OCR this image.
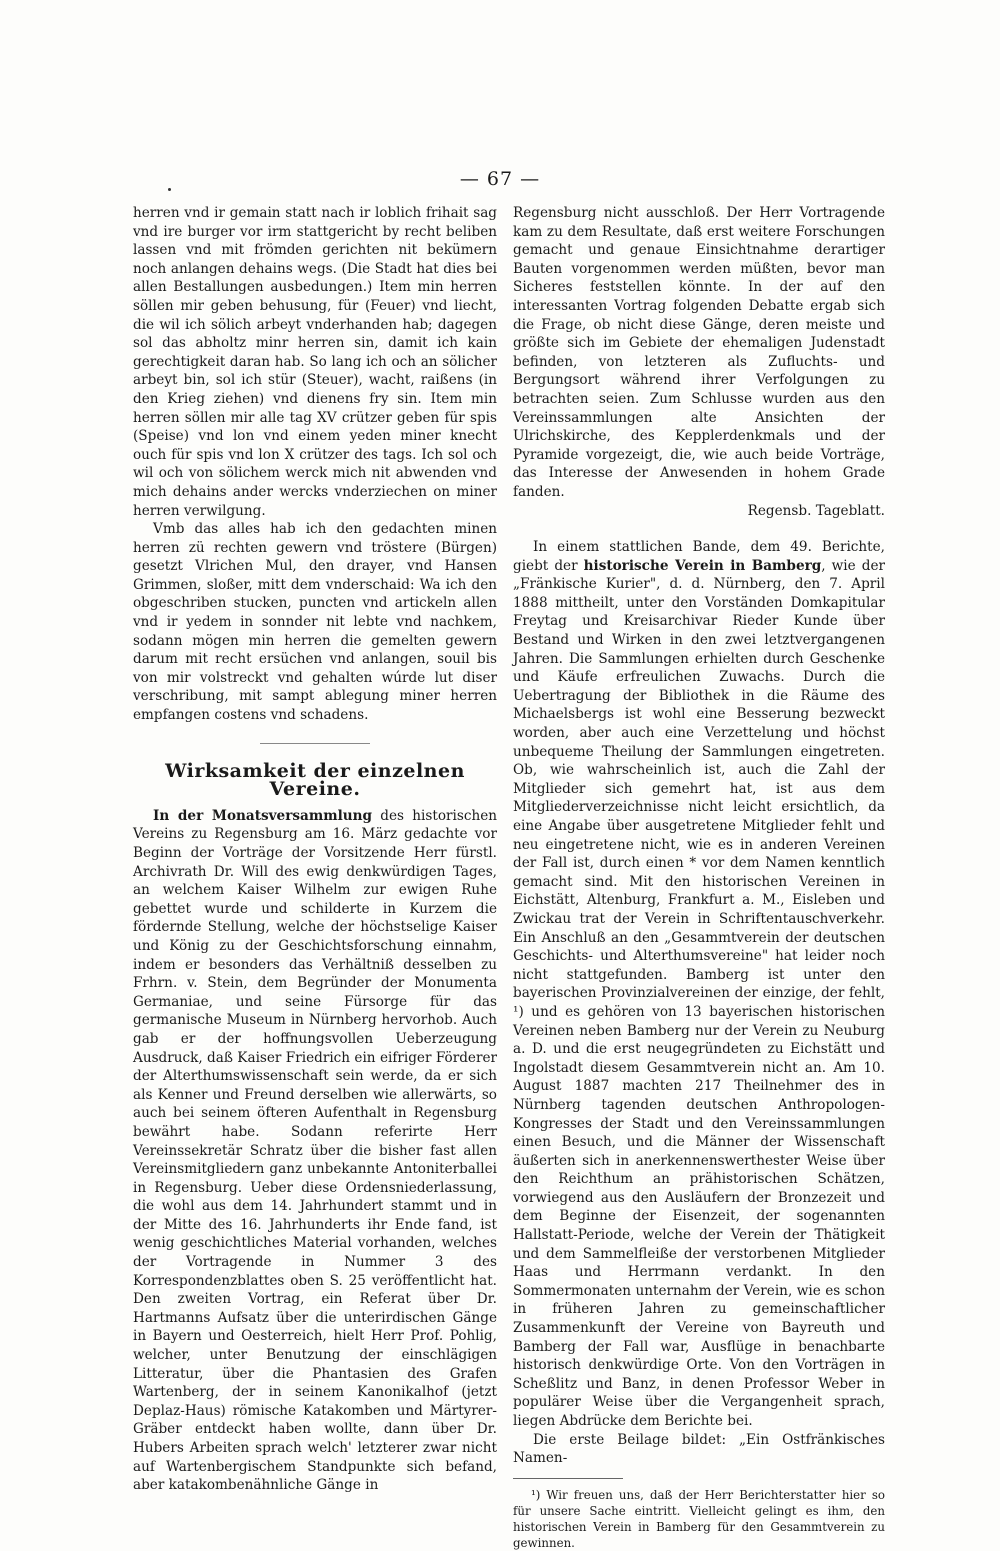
— 67 —

herren vnd ir gemain statt nach ir loblich frihait sag vnd ire burger vor irm stattgericht by recht beliben lassen vnd mit frömden gerichten nit bekümern noch anlangen dehains wegs. (Die Stadt hat dies bei allen Bestallungen ausbedungen.) Item min herren söllen mir geben behusung, für (Feuer) vnd liecht, die wil ich sölich arbeyt vnderhanden hab; dagegen sol das abholtz minr herren sin, damit ich kain gerechtigkeit daran hab. So lang ich och an sölicher arbeyt bin, sol ich stür (Steuer), wacht, raißens (in den Krieg ziehen) vnd dienens fry sin. Item min herren söllen mir alle tag XV crützer geben für spis (Speise) vnd lon vnd einem yeden miner knecht ouch für spis vnd lon X crützer des tags. Ich sol och wil och von sölichem werck mich nit abwenden vnd mich dehains ander wercks vnderziechen on miner herren verwilgung.

Vmb das alles hab ich den gedachten minen herren zü rechten gewern vnd tröstere (Bürgen) gesetzt Vlrichen Mul, den drayer, vnd Hansen Grimmen, sloßer, mitt dem vnderschaid: Wa ich den obgeschriben stucken, puncten vnd artickeln allen vnd ir yedem in sonnder nit lebte vnd nachkem, sodann mögen min herren die gemelten gewern darum mit recht ersüchen vnd anlangen, souil bis von mir volstreckt vnd gehalten wúrde lut diser verschribung, mit sampt ablegung miner herren empfangen costens vnd schadens.

Wirksamkeit der einzelnen Vereine.

In der Monatsversammlung des historischen Vereins zu Regensburg am 16. März gedachte vor Beginn der Vorträge der Vorsitzende Herr fürstl. Archivrath Dr. Will des ewig denkwürdigen Tages, an welchem Kaiser Wilhelm zur ewigen Ruhe gebettet wurde und schilderte in Kurzem die fördernde Stellung, welche der höchstselige Kaiser und König zu der Geschichtsforschung einnahm, indem er besonders das Verhältniß desselben zu Frhrn. v. Stein, dem Begründer der Monumenta Germaniae, und seine Fürsorge für das germanische Museum in Nürnberg hervorhob. Auch gab er der hoffnungsvollen Ueberzeugung Ausdruck, daß Kaiser Friedrich ein eifriger Förderer der Alterthumswissenschaft sein werde, da er sich als Kenner und Freund derselben wie allerwärts, so auch bei seinem öfteren Aufenthalt in Regensburg bewährt habe. Sodann referirte Herr Vereinssekretär Schratz über die bisher fast allen Vereinsmitgliedern ganz unbekannte Antoniterballei in Regensburg. Ueber diese Ordensniederlassung, die wohl aus dem 14. Jahrhundert stammt und in der Mitte des 16. Jahrhunderts ihr Ende fand, ist wenig geschichtliches Material vorhanden, welches der Vortragende in Nummer 3 des Korrespondenzblattes oben S. 25 veröffentlicht hat. Den zweiten Vortrag, ein Referat über Dr. Hartmanns Aufsatz über die unterirdischen Gänge in Bayern und Oesterreich, hielt Herr Prof. Pohlig, welcher, unter Benutzung der einschlägigen Litteratur, über die Phantasien des Grafen Wartenberg, der in seinem Kanonikalhof (jetzt Deplaz-Haus) römische Katakomben und Märtyrer-Gräber entdeckt haben wollte, dann über Dr. Hubers Arbeiten sprach welch' letzterer zwar nicht auf Wartenbergischem Standpunkte sich befand, aber katakombenähnliche Gänge in

Regensburg nicht ausschloß. Der Herr Vortragende kam zu dem Resultate, daß erst weitere Forschungen gemacht und genaue Einsichtnahme derartiger Bauten vorgenommen werden müßten, bevor man Sicheres feststellen könnte. In der auf den interessanten Vortrag folgenden Debatte ergab sich die Frage, ob nicht diese Gänge, deren meiste und größte sich im Gebiete der ehemaligen Judenstadt befinden, von letzteren als Zufluchts- und Bergungsort während ihrer Verfolgungen zu betrachten seien. Zum Schlusse wurden aus den Vereinssammlungen alte Ansichten der Ulrichskirche, des Kepplerdenkmals und der Pyramide vorgezeigt, die, wie auch beide Vorträge, das Interesse der Anwesenden in hohem Grade fanden.

Regensb. Tageblatt.

In einem stattlichen Bande, dem 49. Berichte, giebt der historische Verein in Bamberg, wie der „Fränkische Kurier", d. d. Nürnberg, den 7. April 1888 mittheilt, unter den Vorständen Domkapitular Freytag und Kreisarchivar Rieder Kunde über Bestand und Wirken in den zwei letztvergangenen Jahren. Die Sammlungen erhielten durch Geschenke und Käufe erfreulichen Zuwachs. Durch die Uebertragung der Bibliothek in die Räume des Michaelsbergs ist wohl eine Besserung bezweckt worden, aber auch eine Verzettelung und höchst unbequeme Theilung der Sammlungen eingetreten. Ob, wie wahrscheinlich ist, auch die Zahl der Mitglieder sich gemehrt hat, ist aus dem Mitgliederverzeichnisse nicht leicht ersichtlich, da eine Angabe über ausgetretene Mitglieder fehlt und neu eingetretene nicht, wie es in anderen Vereinen der Fall ist, durch einen * vor dem Namen kenntlich gemacht sind. Mit den historischen Vereinen in Eichstätt, Altenburg, Frankfurt a. M., Eisleben und Zwickau trat der Verein in Schriftentauschverkehr. Ein Anschluß an den „Gesammtverein der deutschen Geschichts- und Alterthumsvereine" hat leider noch nicht stattgefunden. Bamberg ist unter den bayerischen Provinzialvereinen der einzige, der fehlt, ¹) und es gehören von 13 bayerischen historischen Vereinen neben Bamberg nur der Verein zu Neuburg a. D. und die erst neugegründeten zu Eichstätt und Ingolstadt diesem Gesammtverein nicht an. Am 10. August 1887 machten 217 Theilnehmer des in Nürnberg tagenden deutschen Anthropologen-Kongresses der Stadt und den Vereinssammlungen einen Besuch, und die Männer der Wissenschaft äußerten sich in anerkennenswerthester Weise über den Reichthum an prähistorischen Schätzen, vorwiegend aus den Ausläufern der Bronzezeit und dem Beginne der Eisenzeit, der sogenannten Hallstatt-Periode, welche der Verein der Thätigkeit und dem Sammelfleiße der verstorbenen Mitglieder Haas und Herrmann verdankt. In den Sommermonaten unternahm der Verein, wie es schon in früheren Jahren zu gemeinschaftlicher Zusammenkunft der Vereine von Bayreuth und Bamberg der Fall war, Ausflüge in benachbarte historisch denkwürdige Orte. Von den Vorträgen in Scheßlitz und Banz, in denen Professor Weber in populärer Weise über die Vergangenheit sprach, liegen Abdrücke dem Berichte bei.

Die erste Beilage bildet: „Ein Ostfränkisches Namen-

¹) Wir freuen uns, daß der Herr Berichterstatter hier so für unsere Sache eintritt. Vielleicht gelingt es ihm, den historischen Verein in Bamberg für den Gesammtverein zu gewinnen.
